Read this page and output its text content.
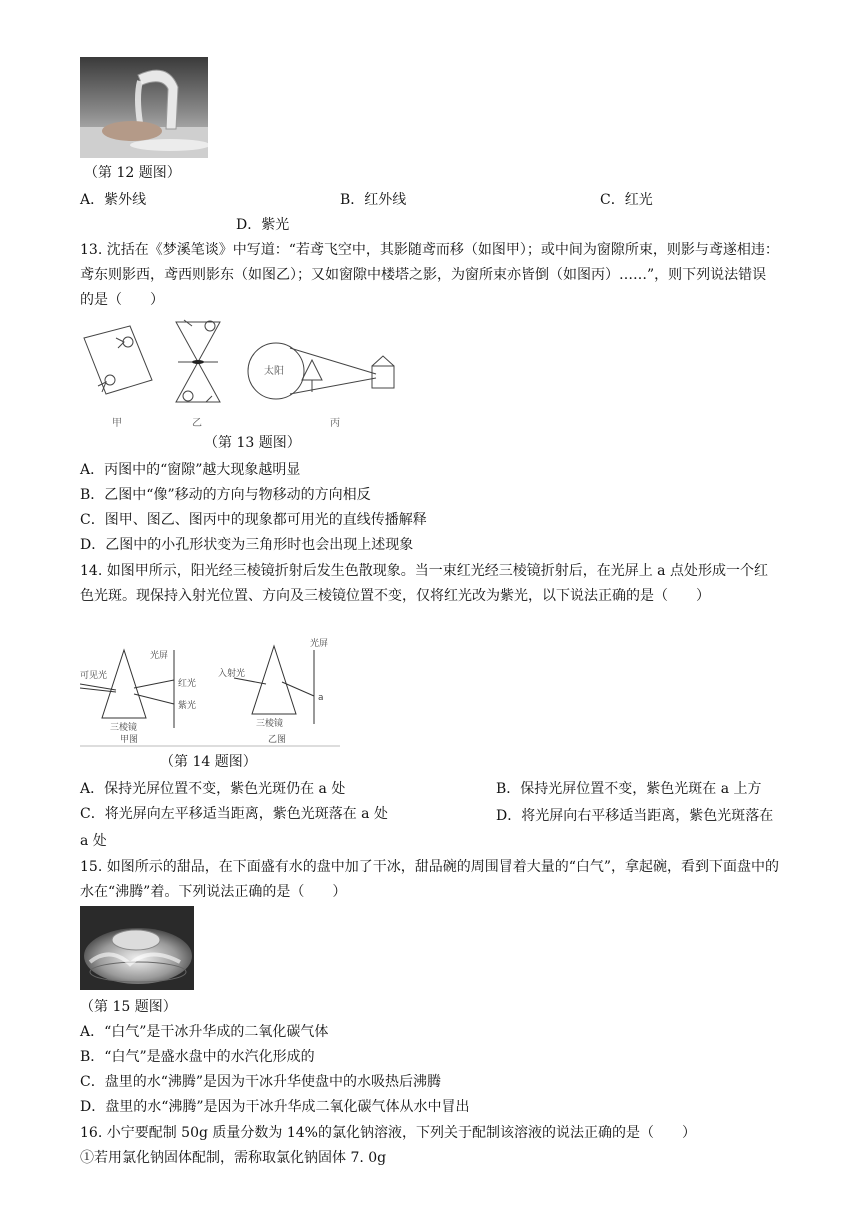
（第 12 题图）
A．紫外线	B．红外线	C．红光
D．紫光
13. 沈括在《梦溪笔谈》中写道：“若鸢飞空中，其影随鸢而移（如图甲）；或中间为窗隙所束，则影与鸢遂相违：鸢东则影西，鸢西则影东（如图乙）；又如窗隙中楼塔之影，为窗所束亦皆倒（如图丙）……”，则下列说法错误的是（　　）
甲	乙
太阳
丙
（第 13 题图）
A．丙图中的“窗隙”越大现象越明显
B．乙图中“像”移动的方向与物移动的方向相反
C．图甲、图乙、图丙中的现象都可用光的直线传播解释
D．乙图中的小孔形状变为三角形时也会出现上述现象
14. 如图甲所示，阳光经三棱镜折射后发生色散现象。当一束红光经三棱镜折射后，在光屏上 a 点处形成一个红色光斑。现保持入射光位置、方向及三棱镜位置不变，仅将红光改为紫光，以下说法正确的是（　　）
可见光
光屏
红光
紫光
三棱镜
甲图
入射光
光屏
a
三棱镜
乙图
（第 14 题图）
A．保持光屏位置不变，紫色光斑仍在 a 处	B．保持光屏位置不变，紫色光斑在 a 上方
C．将光屏向左平移适当距离，紫色光斑落在 a 处	D．将光屏向右平移适当距离，紫色光斑落在 a 处
15. 如图所示的甜品，在下面盛有水的盘中加了干冰，甜品碗的周围冒着大量的“白气”，拿起碗，看到下面盘中的水在“沸腾”着。下列说法正确的是（　　）
（第 15 题图）
A．“白气”是干冰升华成的二氧化碳气体
B．“白气”是盛水盘中的水汽化形成的
C．盘里的水“沸腾”是因为干冰升华使盘中的水吸热后沸腾
D．盘里的水“沸腾”是因为干冰升华成二氧化碳气体从水中冒出
16. 小宁要配制 50g 质量分数为 14%的氯化钠溶液，下列关于配制该溶液的说法正确的是（　　）
①若用氯化钠固体配制，需称取氯化钠固体 7. 0g
